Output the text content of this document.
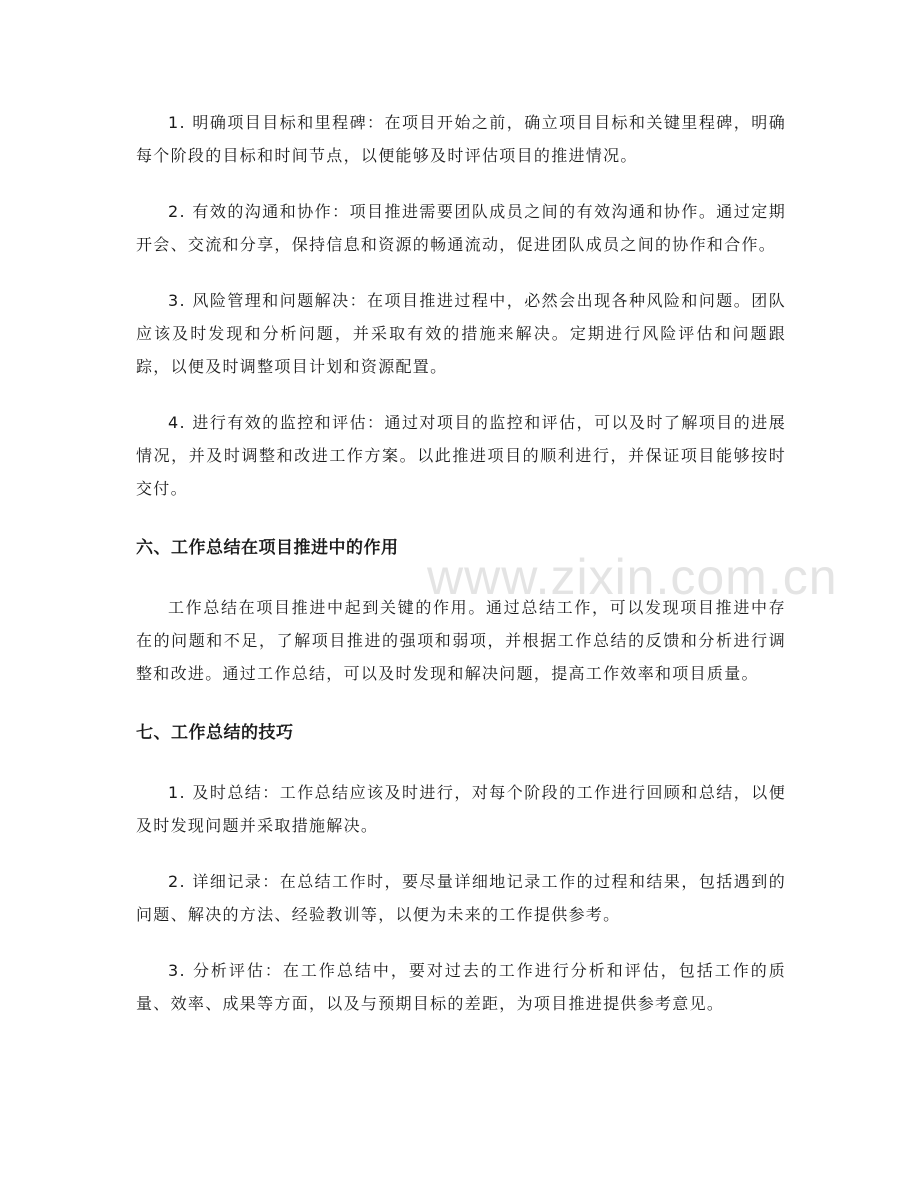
1. 明确项目目标和里程碑：在项目开始之前，确立项目目标和关键里程碑，明确每个阶段的目标和时间节点，以便能够及时评估项目的推进情况。

2. 有效的沟通和协作：项目推进需要团队成员之间的有效沟通和协作。通过定期开会、交流和分享，保持信息和资源的畅通流动，促进团队成员之间的协作和合作。

3. 风险管理和问题解决：在项目推进过程中，必然会出现各种风险和问题。团队应该及时发现和分析问题，并采取有效的措施来解决。定期进行风险评估和问题跟踪，以便及时调整项目计划和资源配置。

4. 进行有效的监控和评估：通过对项目的监控和评估，可以及时了解项目的进展情况，并及时调整和改进工作方案。以此推进项目的顺利进行，并保证项目能够按时交付。

六、工作总结在项目推进中的作用

工作总结在项目推进中起到关键的作用。通过总结工作，可以发现项目推进中存在的问题和不足，了解项目推进的强项和弱项，并根据工作总结的反馈和分析进行调整和改进。通过工作总结，可以及时发现和解决问题，提高工作效率和项目质量。

七、工作总结的技巧

1. 及时总结：工作总结应该及时进行，对每个阶段的工作进行回顾和总结，以便及时发现问题并采取措施解决。

2. 详细记录：在总结工作时，要尽量详细地记录工作的过程和结果，包括遇到的问题、解决的方法、经验教训等，以便为未来的工作提供参考。

3. 分析评估：在工作总结中，要对过去的工作进行分析和评估，包括工作的质量、效率、成果等方面，以及与预期目标的差距，为项目推进提供参考意见。

www.zixin.com.cn
